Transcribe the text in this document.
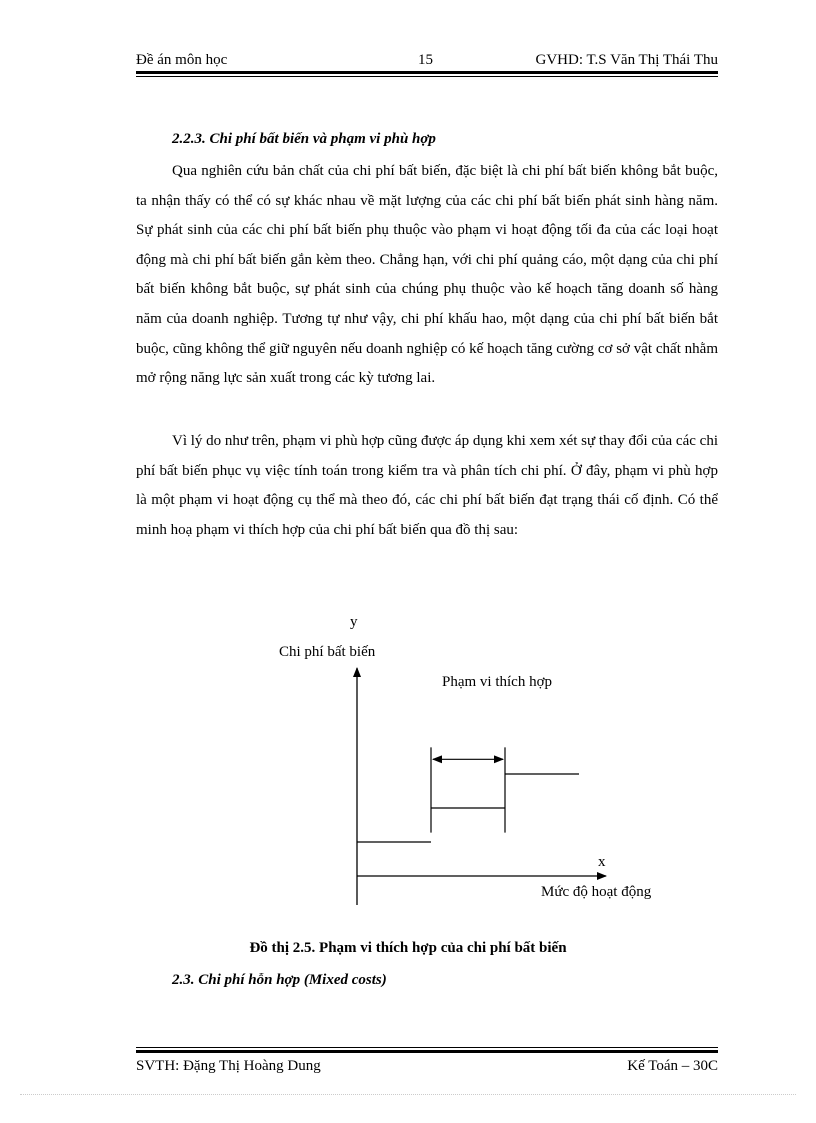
Đề án môn học	15	GVHD: T.S Văn Thị Thái Thu
2.2.3. Chi phí bất biến và phạm vi phù hợp

Qua nghiên cứu bản chất của chi phí bất biến, đặc biệt là chi phí bất biến không bắt buộc, ta nhận thấy có thể có sự khác nhau về mặt lượng của các chi phí bất biến phát sinh hàng năm. Sự phát sinh của các chi phí bất biến phụ thuộc vào phạm vi hoạt động tối đa của các loại hoạt động mà chi phí bất biến gắn kèm theo. Chẳng hạn, với chi phí quảng cáo, một dạng của chi phí bất biến không bắt buộc, sự phát sinh của chúng phụ thuộc vào kế hoạch tăng doanh số hàng năm của doanh nghiệp. Tương tự như vậy, chi phí khấu hao, một dạng của chi phí bất biến bắt buộc, cũng không thể giữ nguyên nếu doanh nghiệp có kế hoạch tăng cường cơ sở vật chất nhằm mở rộng năng lực sản xuất trong các kỳ tương lai.

Vì lý do như trên, phạm vi phù hợp cũng được áp dụng khi xem xét sự thay đổi của các chi phí bất biến phục vụ việc tính toán trong kiểm tra và phân tích chi phí. Ở đây, phạm vi phù hợp là một phạm vi hoạt động cụ thể mà theo đó, các chi phí bất biến đạt trạng thái cố định. Có thể minh hoạ phạm vi thích hợp của chi phí bất biến qua đồ thị sau:

y
Chi phí bất biến
x
Mức độ hoạt động
Phạm vi thích hợp
Đồ thị 2.5. Phạm vi thích hợp của chi phí bất biến
2.3. Chi phí hỗn hợp (Mixed costs)
SVTH: Đặng Thị Hoàng Dung	Kế Toán – 30C
